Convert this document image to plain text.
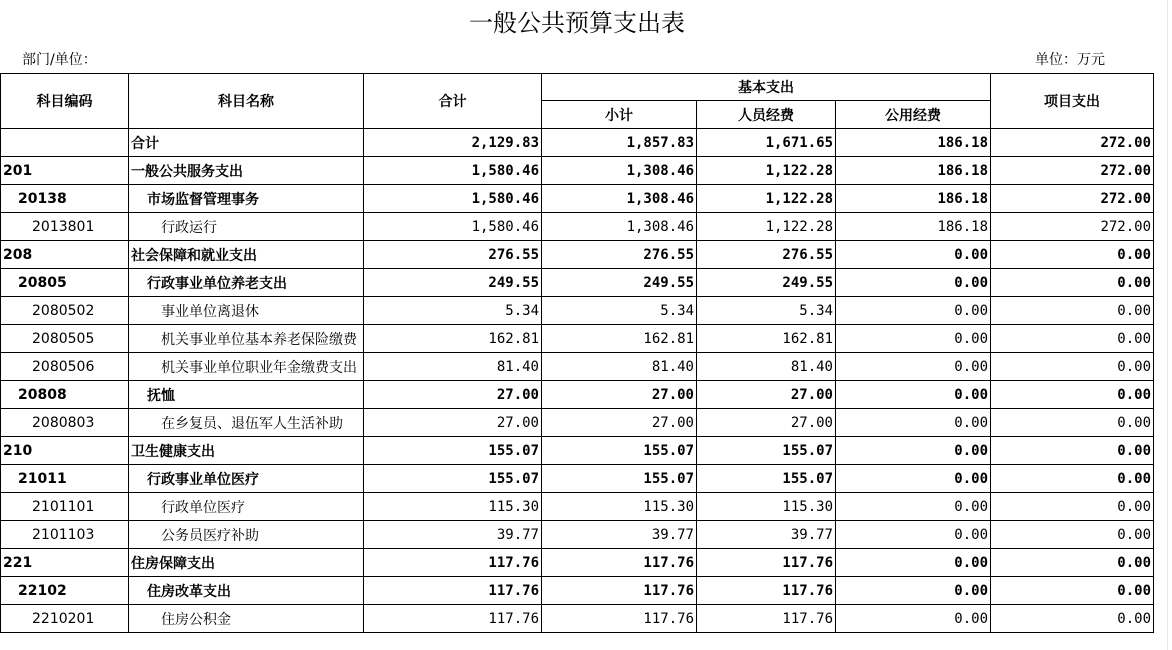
一般公共预算支出表
部门/单位：	单位：万元
科目编码	科目名称	合计	基本支出			项目支出
			小计	人员经费	公用经费	
	合计	2,129.83	1,857.83	1,671.65	186.18	272.00
201	一般公共服务支出	1,580.46	1,308.46	1,122.28	186.18	272.00
20138	市场监督管理事务	1,580.46	1,308.46	1,122.28	186.18	272.00
2013801	行政运行	1,580.46	1,308.46	1,122.28	186.18	272.00
208	社会保障和就业支出	276.55	276.55	276.55	0.00	0.00
20805	行政事业单位养老支出	249.55	249.55	249.55	0.00	0.00
2080502	事业单位离退休	5.34	5.34	5.34	0.00	0.00
2080505	机关事业单位基本养老保险缴费	162.81	162.81	162.81	0.00	0.00
2080506	机关事业单位职业年金缴费支出	81.40	81.40	81.40	0.00	0.00
20808	抚恤	27.00	27.00	27.00	0.00	0.00
2080803	在乡复员、退伍军人生活补助	27.00	27.00	27.00	0.00	0.00
210	卫生健康支出	155.07	155.07	155.07	0.00	0.00
21011	行政事业单位医疗	155.07	155.07	155.07	0.00	0.00
2101101	行政单位医疗	115.30	115.30	115.30	0.00	0.00
2101103	公务员医疗补助	39.77	39.77	39.77	0.00	0.00
221	住房保障支出	117.76	117.76	117.76	0.00	0.00
22102	住房改革支出	117.76	117.76	117.76	0.00	0.00
2210201	住房公积金	117.76	117.76	117.76	0.00	0.00
